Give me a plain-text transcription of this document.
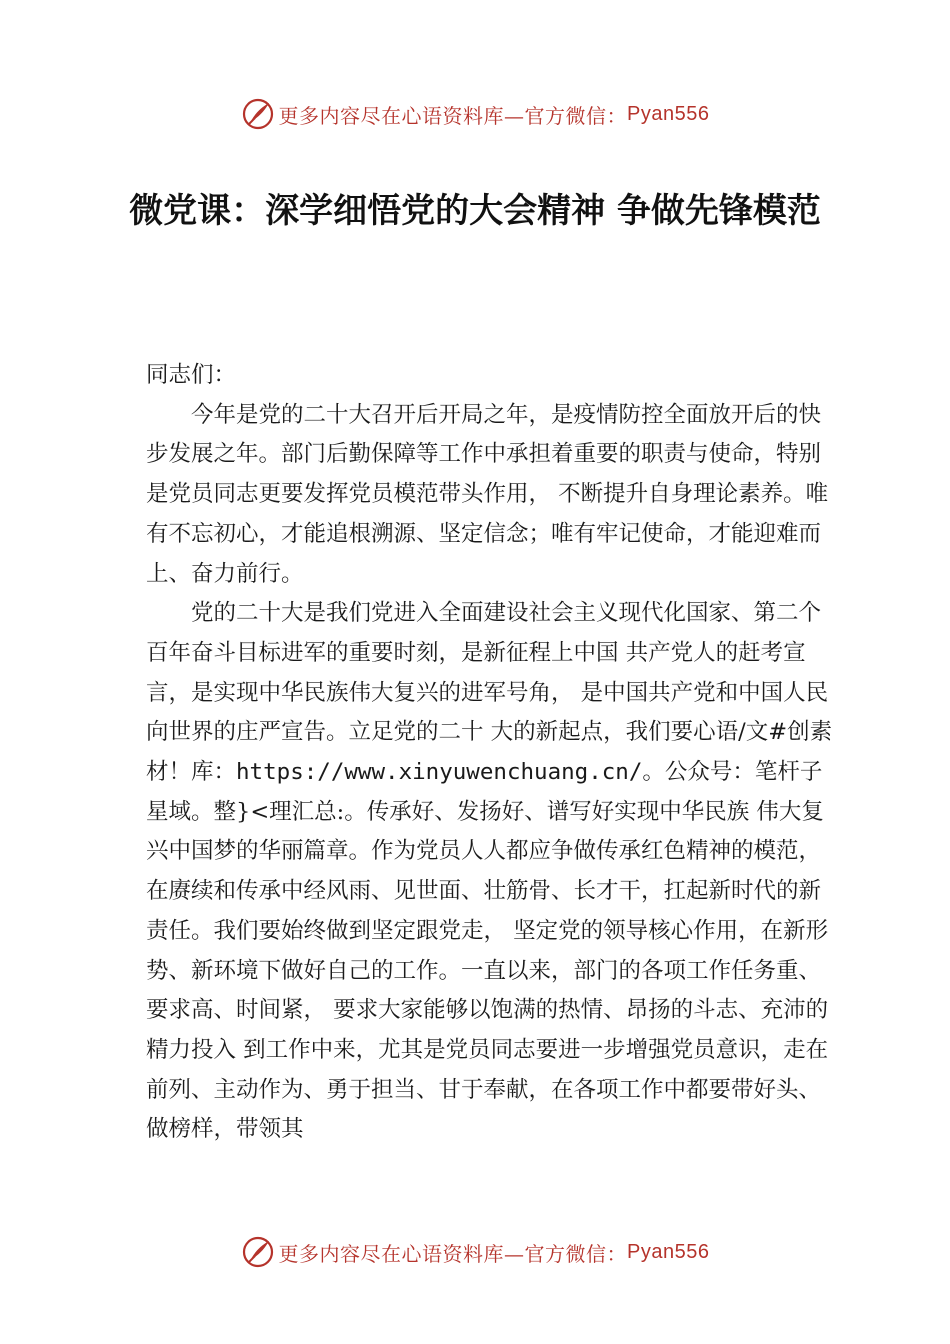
更多内容尽在心语资料库—官方微信： Pyan556
微党课：深学细悟党的大会精神 争做先锋模范

同志们：

今年是党的二十大召开后开局之年，是疫情防控全面放开后的快步发展之年。部门后勤保障等工作中承担着重要的职责与使命，特别是党员同志更要发挥党员模范带头作用， 不断提升自身理论素养。唯有不忘初心，才能追根溯源、坚定信念；唯有牢记使命，才能迎难而上、奋力前行。

党的二十大是我们党进入全面建设社会主义现代化国家、第二个百年奋斗目标进军的重要时刻，是新征程上中国 共产党人的赶考宣言，是实现中华民族伟大复兴的进军号角， 是中国共产党和中国人民向世界的庄严宣告。立足党的二十 大的新起点，我们要心语/文#创素材！库：https://www.xinyuwenchuang.cn/。公众号：笔杆子星域。整}<理汇总:。传承好、发扬好、谱写好实现中华民族 伟大复兴中国梦的华丽篇章。作为党员人人都应争做传承红色精神的模范，在赓续和传承中经风雨、见世面、壮筋骨、长才干，扛起新时代的新责任。我们要始终做到坚定跟党走， 坚定党的领导核心作用，在新形势、新环境下做好自己的工作。一直以来，部门的各项工作任务重、要求高、时间紧， 要求大家能够以饱满的热情、昂扬的斗志、充沛的精力投入 到工作中来，尤其是党员同志要进一步增强党员意识，走在 前列、主动作为、勇于担当、甘于奉献，在各项工作中都要带好头、做榜样，带领其

更多内容尽在心语资料库—官方微信： Pyan556
